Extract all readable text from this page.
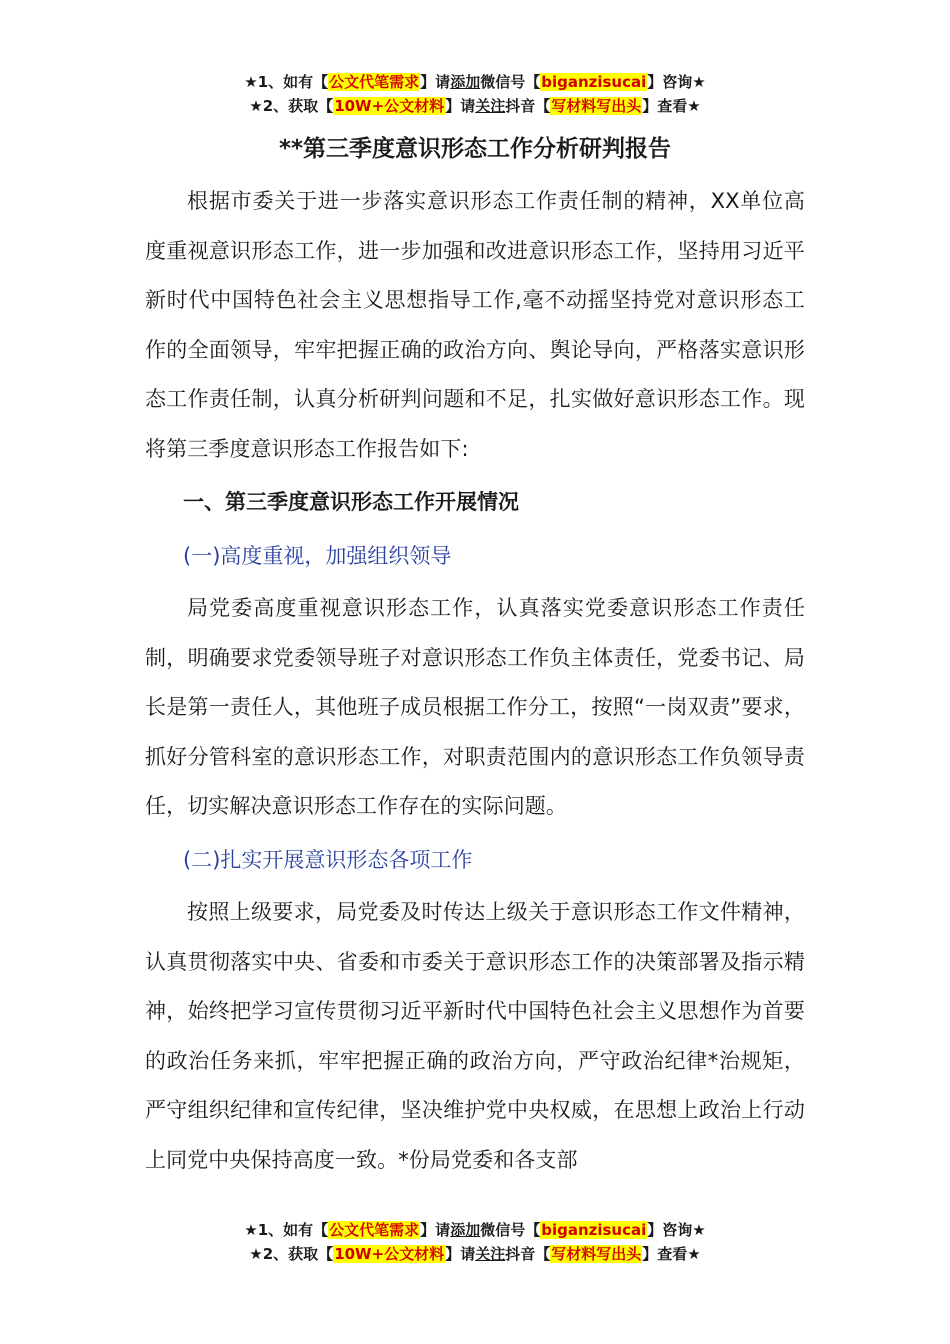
★1、如有【公文代笔需求】请添加微信号【biganzisucai】咨询★
★2、获取【10W+公文材料】请关注抖音【写材料写出头】查看★
**第三季度意识形态工作分析研判报告

根据市委关于进一步落实意识形态工作责任制的精神，XX单位高度重视意识形态工作，进一步加强和改进意识形态工作，坚持用习近平新时代中国特色社会主义思想指导工作,毫不动摇坚持党对意识形态工作的全面领导，牢牢把握正确的政治方向、舆论导向，严格落实意识形态工作责任制，认真分析研判问题和不足，扎实做好意识形态工作。现将第三季度意识形态工作报告如下:

一、第三季度意识形态工作开展情况
(一)高度重视，加强组织领导

局党委高度重视意识形态工作，认真落实党委意识形态工作责任制，明确要求党委领导班子对意识形态工作负主体责任，党委书记、局长是第一责任人，其他班子成员根据工作分工，按照“一岗双责”要求，抓好分管科室的意识形态工作，对职责范围内的意识形态工作负领导责任，切实解决意识形态工作存在的实际问题。

(二)扎实开展意识形态各项工作

按照上级要求，局党委及时传达上级关于意识形态工作文件精神，认真贯彻落实中央、省委和市委关于意识形态工作的决策部署及指示精神，始终把学习宣传贯彻习近平新时代中国特色社会主义思想作为首要的政治任务来抓，牢牢把握正确的政治方向，严守政治纪律*治规矩，严守组织纪律和宣传纪律，坚决维护党中央权威，在思想上政治上行动上同党中央保持高度一致。*份局党委和各支部

★1、如有【公文代笔需求】请添加微信号【biganzisucai】咨询★
★2、获取【10W+公文材料】请关注抖音【写材料写出头】查看★
